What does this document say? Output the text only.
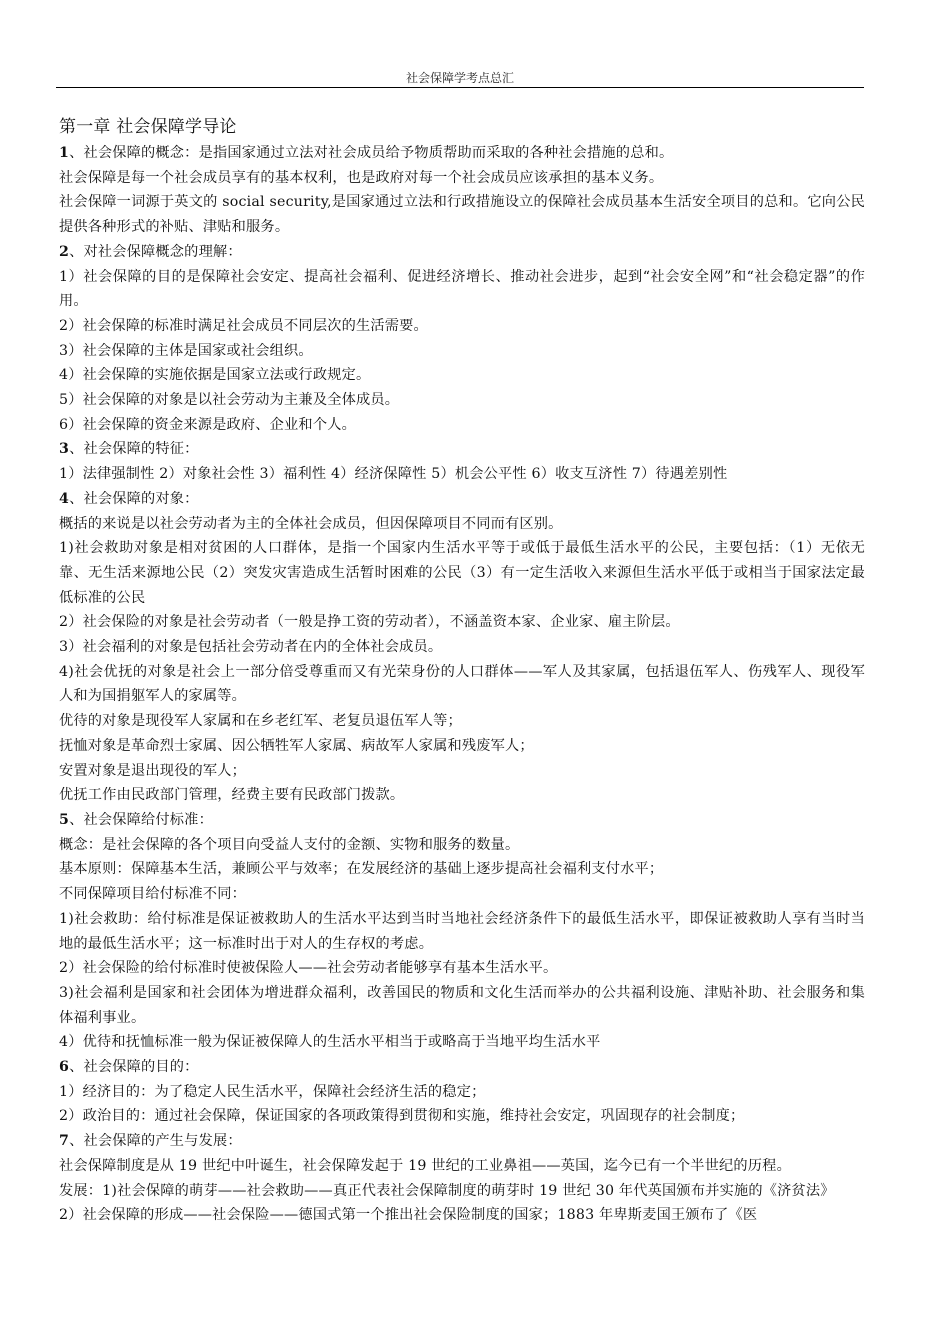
社会保障学考点总汇
第一章 社会保障学导论

1、社会保障的概念：是指国家通过立法对社会成员给予物质帮助而采取的各种社会措施的总和。

社会保障是每一个社会成员享有的基本权利，也是政府对每一个社会成员应该承担的基本义务。

社会保障一词源于英文的 social security,是国家通过立法和行政措施设立的保障社会成员基本生活安全项目的总和。它向公民提供各种形式的补贴、津贴和服务。

2、对社会保障概念的理解：

1）社会保障的目的是保障社会安定、提高社会福利、促进经济增长、推动社会进步，起到“社会安全网”和“社会稳定器”的作用。

2）社会保障的标准时满足社会成员不同层次的生活需要。

3）社会保障的主体是国家或社会组织。

4）社会保障的实施依据是国家立法或行政规定。

5）社会保障的对象是以社会劳动为主兼及全体成员。

6）社会保障的资金来源是政府、企业和个人。

3、社会保障的特征：

1）法律强制性 2）对象社会性 3）福利性 4）经济保障性 5）机会公平性 6）收支互济性 7）待遇差别性

4、社会保障的对象：

概括的来说是以社会劳动者为主的全体社会成员，但因保障项目不同而有区别。

1)社会救助对象是相对贫困的人口群体，是指一个国家内生活水平等于或低于最低生活水平的公民，主要包括：（1）无依无靠、无生活来源地公民（2）突发灾害造成生活暂时困难的公民（3）有一定生活收入来源但生活水平低于或相当于国家法定最低标准的公民

2）社会保险的对象是社会劳动者（一般是挣工资的劳动者），不涵盖资本家、企业家、雇主阶层。

3）社会福利的对象是包括社会劳动者在内的全体社会成员。

4)社会优抚的对象是社会上一部分倍受尊重而又有光荣身份的人口群体——军人及其家属，包括退伍军人、伤残军人、现役军人和为国捐躯军人的家属等。

优待的对象是现役军人家属和在乡老红军、老复员退伍军人等；

抚恤对象是革命烈士家属、因公牺牲军人家属、病故军人家属和残废军人；

安置对象是退出现役的军人；

优抚工作由民政部门管理，经费主要有民政部门拨款。

5、社会保障给付标准：

概念：是社会保障的各个项目向受益人支付的金额、实物和服务的数量。

基本原则：保障基本生活，兼顾公平与效率；在发展经济的基础上逐步提高社会福利支付水平；

不同保障项目给付标准不同：

1)社会救助：给付标准是保证被救助人的生活水平达到当时当地社会经济条件下的最低生活水平，即保证被救助人享有当时当地的最低生活水平；这一标准时出于对人的生存权的考虑。

2）社会保险的给付标准时使被保险人——社会劳动者能够享有基本生活水平。

3)社会福利是国家和社会团体为增进群众福利，改善国民的物质和文化生活而举办的公共福利设施、津贴补助、社会服务和集体福利事业。

4）优待和抚恤标准一般为保证被保障人的生活水平相当于或略高于当地平均生活水平

6、社会保障的目的：

1）经济目的：为了稳定人民生活水平，保障社会经济生活的稳定；

2）政治目的：通过社会保障，保证国家的各项政策得到贯彻和实施，维持社会安定，巩固现存的社会制度；

7、社会保障的产生与发展：

社会保障制度是从 19 世纪中叶诞生，社会保障发起于 19 世纪的工业鼻祖——英国，迄今已有一个半世纪的历程。

发展：1)社会保障的萌芽——社会救助——真正代表社会保障制度的萌芽时 19 世纪 30 年代英国颁布并实施的《济贫法》

2）社会保障的形成——社会保险——德国式第一个推出社会保险制度的国家；1883 年卑斯麦国王颁布了《医
